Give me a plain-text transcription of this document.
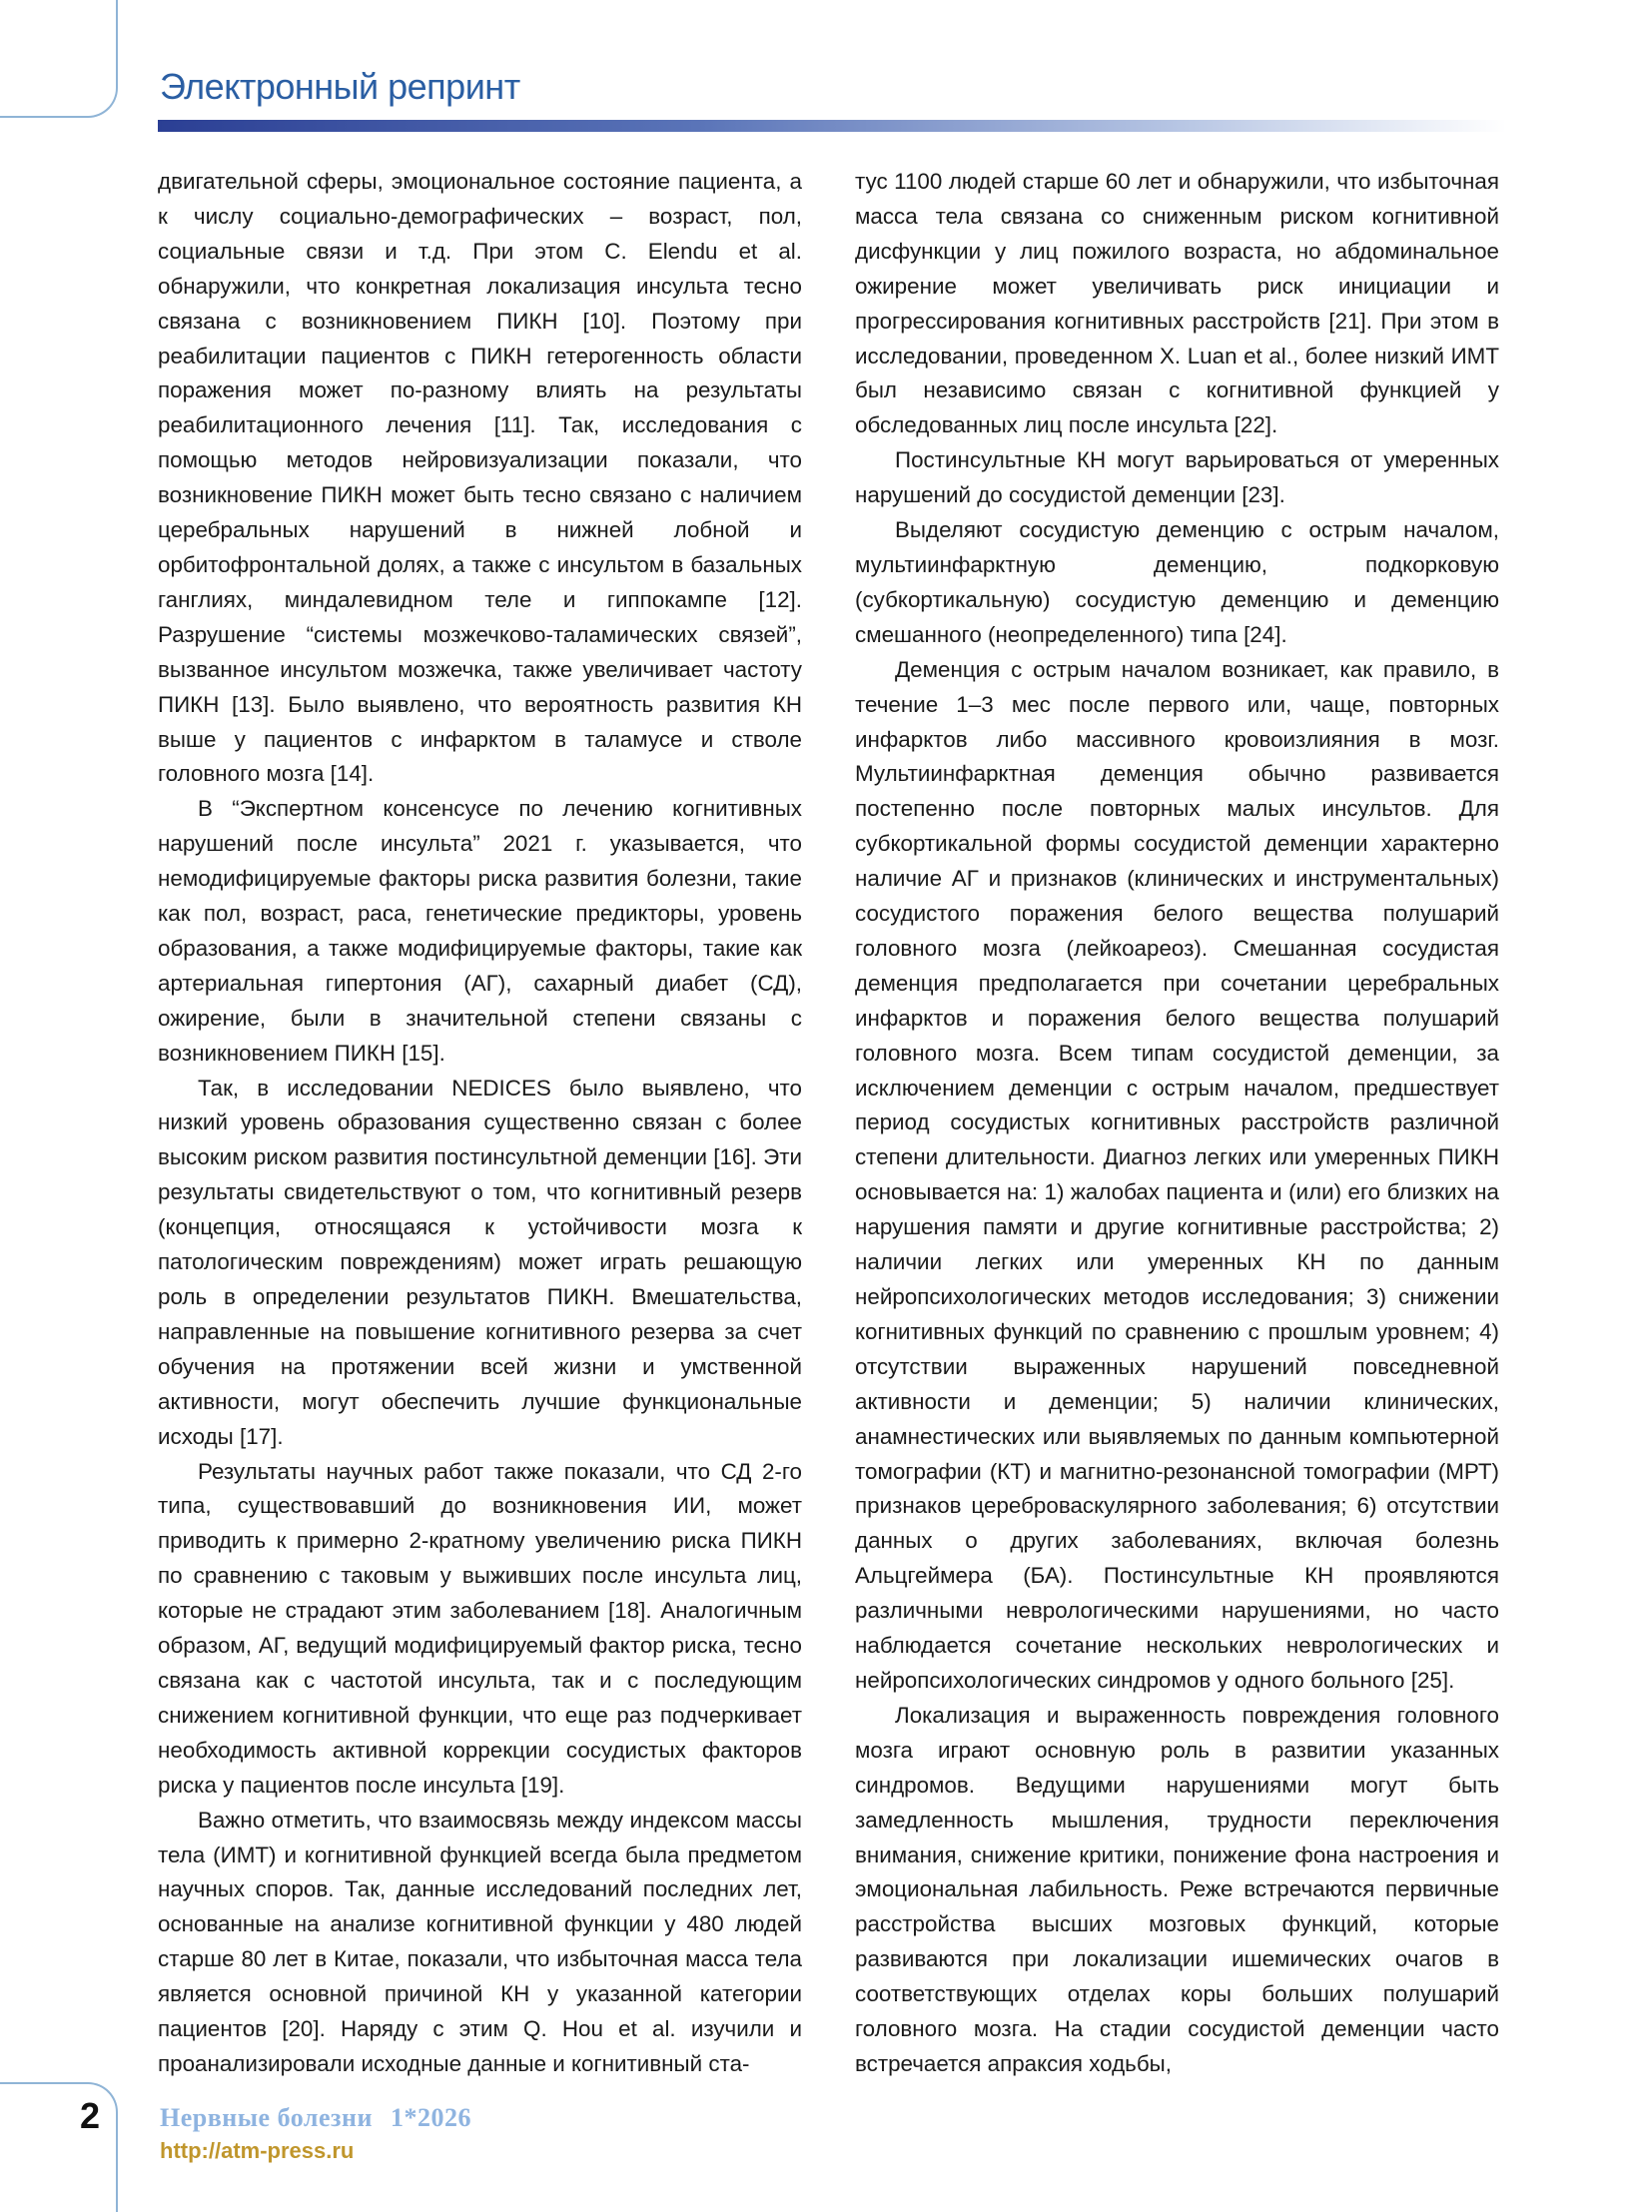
Электронный репринт

двигательной сферы, эмоциональное состояние пациента, а к числу социально-демографических – возраст, пол, социальные связи и т.д. При этом C. Elendu et al. обнаружили, что конкретная локализация инсульта тесно связана с возникновением ПИКН [10]. Поэтому при реабилитации пациентов с ПИКН гетерогенность области поражения может по-разному влиять на результаты реабилитационного лечения [11]. Так, исследования с помощью методов нейровизуализации показали, что возникновение ПИКН может быть тесно связано с наличием церебральных нарушений в нижней лобной и орбитофронтальной долях, а также с инсультом в базальных ганглиях, миндалевидном теле и гиппокампе [12]. Разрушение “системы мозжечково-таламических связей”, вызванное инсультом мозжечка, также увеличивает частоту ПИКН [13]. Было выявлено, что вероятность развития КН выше у пациентов с инфарктом в таламусе и стволе головного мозга [14].

В “Экспертном консенсусе по лечению когнитивных нарушений после инсульта” 2021 г. указывается, что немодифицируемые факторы риска развития болезни, такие как пол, возраст, раса, генетические предикторы, уровень образования, а также модифицируемые факторы, такие как артериальная гипертония (АГ), сахарный диабет (СД), ожирение, были в значительной степени связаны с возникновением ПИКН [15].

Так, в исследовании NEDICES было выявлено, что низкий уровень образования существенно связан с более высоким риском развития постинсультной деменции [16]. Эти результаты свидетельствуют о том, что когнитивный резерв (концепция, относящаяся к устойчивости мозга к патологическим повреждениям) может играть решающую роль в определении результатов ПИКН. Вмешательства, направленные на повышение когнитивного резерва за счет обучения на протяжении всей жизни и умственной активности, могут обеспечить лучшие функциональные исходы [17].

Результаты научных работ также показали, что СД 2-го типа, существовавший до возникновения ИИ, может приводить к примерно 2-кратному увеличению риска ПИКН по сравнению с таковым у выживших после инсульта лиц, которые не страдают этим заболеванием [18]. Аналогичным образом, АГ, ведущий модифицируемый фактор риска, тесно связана как с частотой инсульта, так и с последующим снижением когнитивной функции, что еще раз подчеркивает необходимость активной коррекции сосудистых факторов риска у пациентов после инсульта [19].

Важно отметить, что взаимосвязь между индексом массы тела (ИМТ) и когнитивной функцией всегда была предметом научных споров. Так, данные исследований последних лет, основанные на анализе когнитивной функции у 480 людей старше 80 лет в Китае, показали, что избыточная масса тела является основной причиной КН у указанной категории пациентов [20]. Наряду с этим Q. Hou et al. изучили и проанализировали исходные данные и когнитивный ста-

тус 1100 людей старше 60 лет и обнаружили, что избыточная масса тела связана со сниженным риском когнитивной дисфункции у лиц пожилого возраста, но абдоминальное ожирение может увеличивать риск инициации и прогрессирования когнитивных расстройств [21]. При этом в исследовании, проведенном X. Luan et al., более низкий ИМТ был независимо связан с когнитивной функцией у обследованных лиц после инсульта [22].

Постинсультные КН могут варьироваться от умеренных нарушений до сосудистой деменции [23].

Выделяют сосудистую деменцию с острым началом, мультиинфарктную деменцию, подкорковую (субкортикальную) сосудистую деменцию и деменцию смешанного (неопределенного) типа [24].

Деменция с острым началом возникает, как правило, в течение 1–3 мес после первого или, чаще, повторных инфарктов либо массивного кровоизлияния в мозг. Мультиинфарктная деменция обычно развивается постепенно после повторных малых инсультов. Для субкортикальной формы сосудистой деменции характерно наличие АГ и признаков (клинических и инструментальных) сосудистого поражения белого вещества полушарий головного мозга (лейкоареоз). Смешанная сосудистая деменция предполагается при сочетании церебральных инфарктов и поражения белого вещества полушарий головного мозга. Всем типам сосудистой деменции, за исключением деменции с острым началом, предшествует период сосудистых когнитивных расстройств различной степени длительности. Диагноз легких или умеренных ПИКН основывается на: 1) жалобах пациента и (или) его близких на нарушения памяти и другие когнитивные расстройства; 2) наличии легких или умеренных КН по данным нейропсихологических методов исследования; 3) снижении когнитивных функций по сравнению с прошлым уровнем; 4) отсутствии выраженных нарушений повседневной активности и деменции; 5) наличии клинических, анамнестических или выявляемых по данным компьютерной томографии (КТ) и магнитно-резонансной томографии (МРТ) признаков цереброваскулярного заболевания; 6) отсутствии данных о других заболеваниях, включая болезнь Альцгеймера (БА). Постинсультные КН проявляются различными неврологическими нарушениями, но часто наблюдается сочетание нескольких неврологических и нейропсихологических синдромов у одного больного [25].

Локализация и выраженность повреждения головного мозга играют основную роль в развитии указанных синдромов. Ведущими нарушениями могут быть замедленность мышления, трудности переключения внимания, снижение критики, понижение фона настроения и эмоциональная лабильность. Реже встречаются первичные расстройства высших мозговых функций, которые развиваются при локализации ишемических очагов в соответствующих отделах коры больших полушарий головного мозга. На стадии сосудистой деменции часто встречается апраксия ходьбы,

2 Нервные болезни 1*2026
http://atm-press.ru
